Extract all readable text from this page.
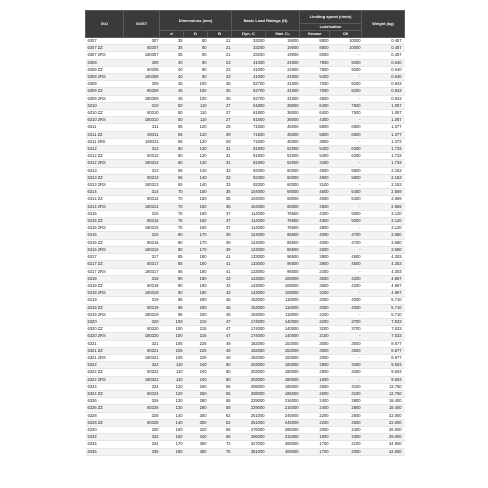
ISO	GOST	Dimensions (mm)			Basic Load Ratings (N)		Limiting speed (r/min)		Weight (kg)
							Lubrication		
		d	D	B	Dyn. C	Stat. C₀	Grease	Oil	
6307	307	35	80	21	33200	19000	8800	10000	0.457
6307 ZZ	80307	35	80	21	33200	19000	8800	10000	0.457
6307 2RS	180307	35	80	21	33200	19000	6000	-	0.457
6308	308	40	90	23	41000	24000	7800	9200	0.640
6308 ZZ	80308	40	90	23	41000	24000	7800	9200	0.640
6308 2RS	180308	40	90	23	41000	24000	5400	-	0.640
6309	309	45	100	25	52700	31500	7000	8200	0.843
6309 ZZ	80309	45	100	25	52700	31500	7000	8200	0.843
6309 2RS	180309	45	100	25	52700	31500	4800	-	0.843
6310	310	50	110	27	61800	38000	6400	7500	1.057
6310 ZZ	80310	50	110	27	61800	38000	6400	7500	1.057
6310 2RS	180310	50	110	27	61800	38000	4300	-	1.057
6311	311	55	120	29	71500	45000	5800	6800	1.377
6311 ZZ	80311	55	120	29	71500	45000	5800	6800	1.377
6311 2RS	180311	55	120	29	71500	45000	3900	-	1.373
6312	312	60	130	31	81900	52000	5400	6300	1.733
6312 ZZ	80312	60	130	31	81900	52000	5400	6300	1.733
6312 2RS	180312	60	130	31	81900	52000	3400	-	1.733
6313	313	65	140	33	92300	60000	4900	5800	2.153
6313 ZZ	80313	65	140	33	92300	60000	4900	5800	2.153
6313 2RS	180313	65	140	33	92300	60000	3100	-	2.153
6314	314	70	150	35	104000	68000	4600	5400	2.569
6314 ZZ	80314	70	150	35	104000	68000	4600	5400	2.569
6314 2RS	180314	70	150	35	104000	68000	2800	-	2.569
6315	315	75	160	37	114000	76500	4300	5000	3.120
6315 ZZ	80315	75	160	37	114000	76500	4300	5000	3.120
6315 2RS	180315	75	160	37	114000	76500	2800	-	3.120
6316	316	80	170	39	124000	86500	4000	4700	3.680
6316 ZZ	80316	80	170	39	124000	86500	4000	4700	3.680
6316 2RS	180316	80	170	39	124000	86500	2600	-	3.680
6317	317	85	180	41	133000	96500	3800	4500	4.303
6317 ZZ	80317	85	180	41	133000	96500	3800	4500	4.303
6317 2RS	180317	85	180	41	133000	96500	2400	-	4.303
6318	318	90	190	43	143000	108000	3600	4200	4.967
6318 ZZ	80318	90	190	43	143000	108000	3600	4200	4.967
6318 2RS	180318	90	190	43	143000	108000	2200	-	4.967
6319	319	95	200	45	153000	118000	3300	4000	5.710
6319 ZZ	80319	95	200	45	153000	118000	3300	4000	5.710
6319 2RS	180319	95	200	45	153000	118000	2200	-	5.710
6320	320	100	215	47	174000	140000	3200	3700	7.533
6320 ZZ	80320	100	215	47	174000	140000	3200	3700	7.533
6320 2RS	180320	100	215	47	174000	140000	2100	-	7.533
6321	321	105	225	49	182000	153000	3000	3500	8.677
6321 ZZ	80321	105	225	49	182000	153000	3000	3500	8.677
6321 2RS	180321	105	225	49	182000	153000	2000	-	8.677
6322	322	110	240	50	203000	180000	2900	3400	9.503
6322 ZZ	80322	110	240	50	203000	180000	2900	3400	9.503
6322 2RS	180322	110	240	50	203000	180000	1600	-	9.503
6324	324	120	260	55	208000	185000	2600	3100	12.750
6324 ZZ	80324	120	260	55	208000	185000	2600	3100	12.750
6326	326	130	280	58	229000	216000	2400	2800	18.400
6326 ZZ	80326	130	280	58	229000	216000	2400	2800	18.400
6328	328	140	300	62	251000	245000	2200	2600	22.000
6328 ZZ	80328	140	300	62	251000	245000	2200	2600	22.000
6330	330	150	320	65	276000	285000	2000	2400	26.000
6332	332	160	340	68	296000	315000	1800	2300	29.000
6334	334	170	360	72	327000	365000	1700	2100	34.500
6336	336	180	380	75	351000	405000	1700	2000	42.500
